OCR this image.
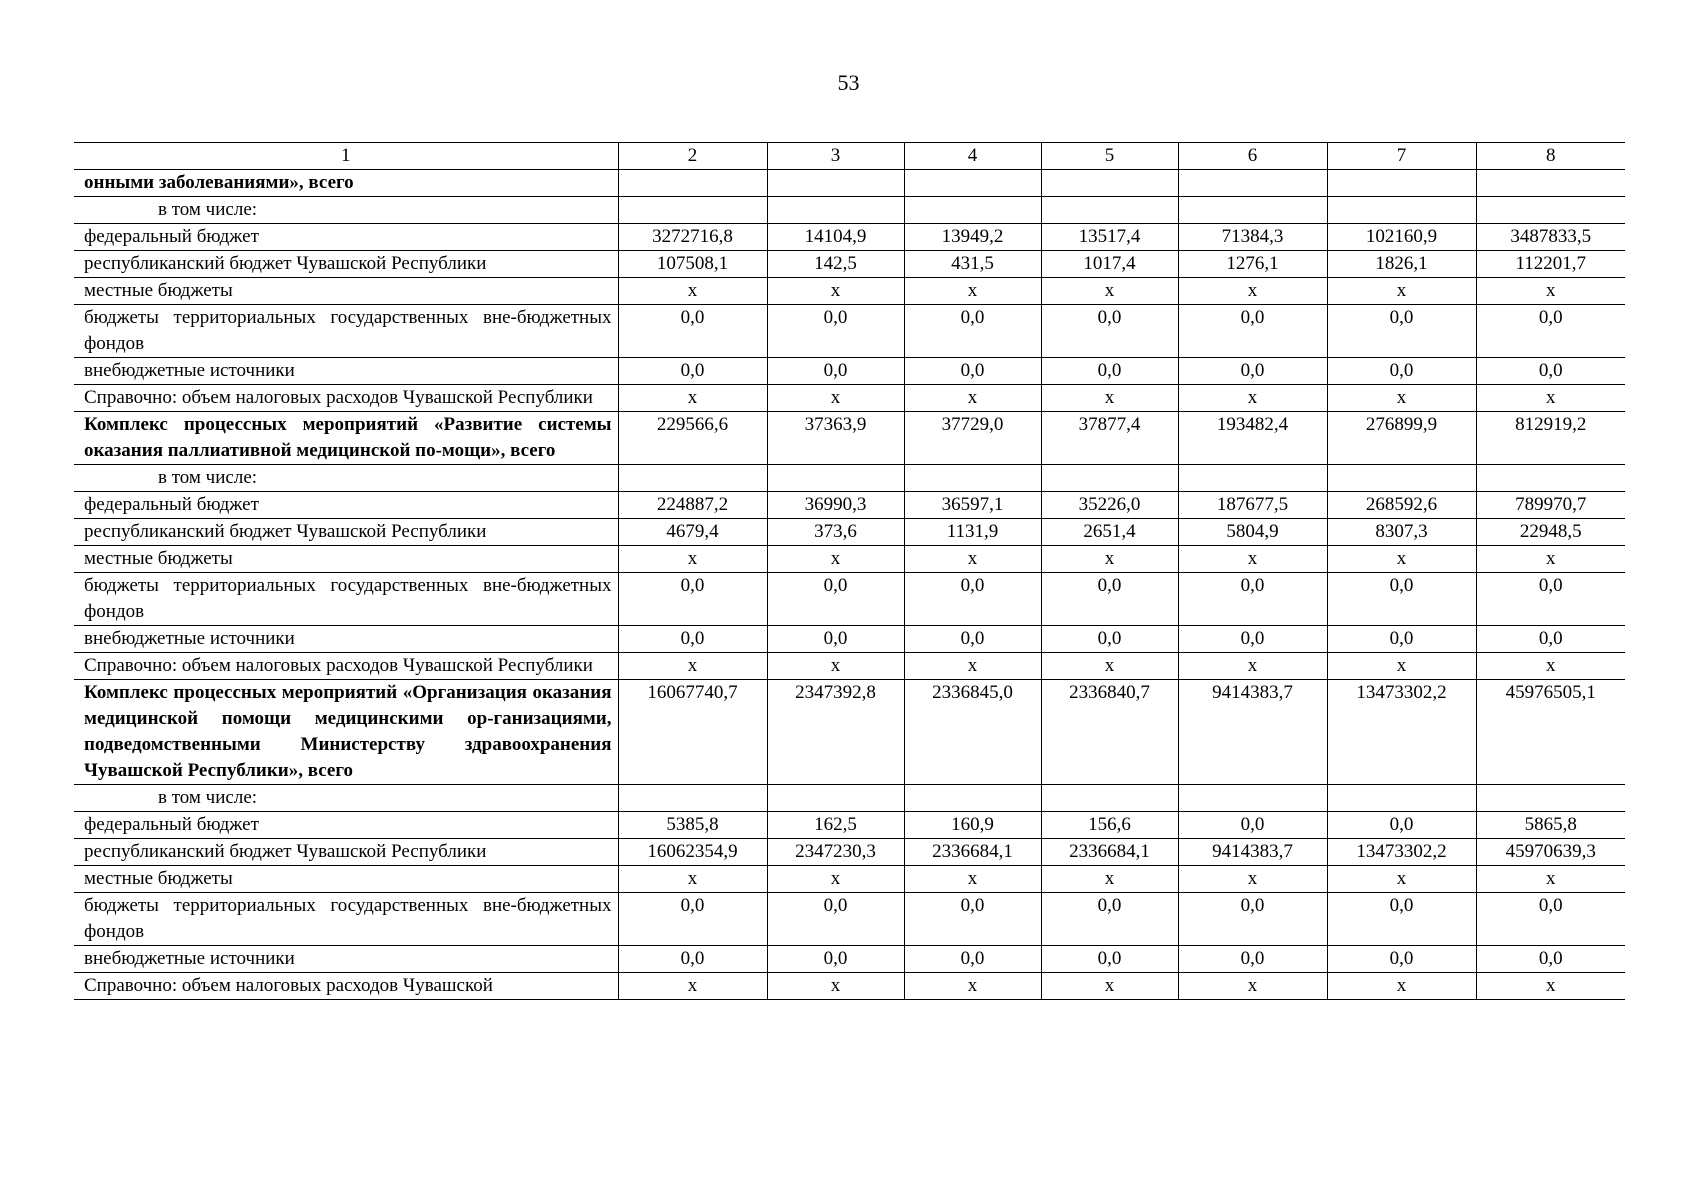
53
1	2	3	4	5	6	7	8
онными заболеваниями», всего							
в том числе:							
федеральный бюджет	3272716,8	14104,9	13949,2	13517,4	71384,3	102160,9	3487833,5
республиканский бюджет Чувашской Республики	107508,1	142,5	431,5	1017,4	1276,1	1826,1	112201,7
местные бюджеты	х	х	х	х	х	х	х
бюджеты территориальных государственных вне-бюджетных фондов	0,0	0,0	0,0	0,0	0,0	0,0	0,0
внебюджетные источники	0,0	0,0	0,0	0,0	0,0	0,0	0,0
Справочно: объем налоговых расходов Чувашской Республики	х	х	х	х	х	х	х
Комплекс процессных мероприятий «Развитие системы оказания паллиативной медицинской по-мощи», всего	229566,6	37363,9	37729,0	37877,4	193482,4	276899,9	812919,2
в том числе:							
федеральный бюджет	224887,2	36990,3	36597,1	35226,0	187677,5	268592,6	789970,7
республиканский бюджет Чувашской Республики	4679,4	373,6	1131,9	2651,4	5804,9	8307,3	22948,5
местные бюджеты	х	х	х	х	х	х	х
бюджеты территориальных государственных вне-бюджетных фондов	0,0	0,0	0,0	0,0	0,0	0,0	0,0
внебюджетные источники	0,0	0,0	0,0	0,0	0,0	0,0	0,0
Справочно: объем налоговых расходов Чувашской Республики	х	х	х	х	х	х	х
Комплекс процессных мероприятий «Организация оказания медицинской помощи медицинскими ор-ганизациями, подведомственными Министерству здравоохранения Чувашской Республики», всего	16067740,7	2347392,8	2336845,0	2336840,7	9414383,7	13473302,2	45976505,1
в том числе:							
федеральный бюджет	5385,8	162,5	160,9	156,6	0,0	0,0	5865,8
республиканский бюджет Чувашской Республики	16062354,9	2347230,3	2336684,1	2336684,1	9414383,7	13473302,2	45970639,3
местные бюджеты	х	х	х	х	х	х	х
бюджеты территориальных государственных вне-бюджетных фондов	0,0	0,0	0,0	0,0	0,0	0,0	0,0
внебюджетные источники	0,0	0,0	0,0	0,0	0,0	0,0	0,0
Справочно: объем налоговых расходов Чувашской	х	х	х	х	х	х	х
